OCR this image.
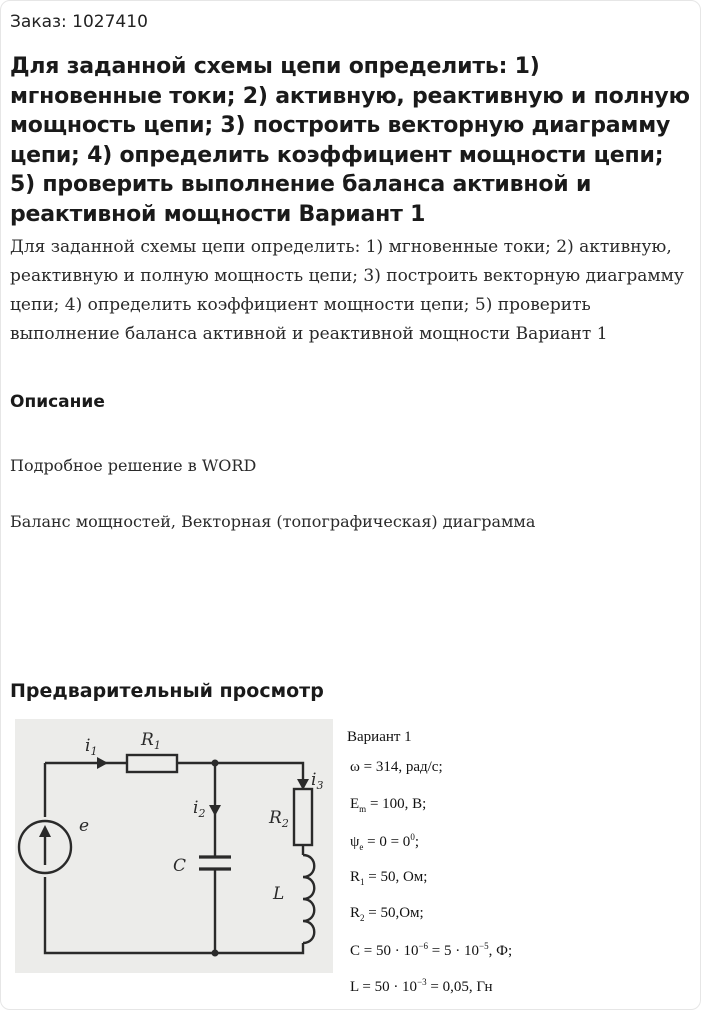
Заказ: 1027410
Для заданной схемы цепи определить: 1) мгновенные токи; 2) активную, реактивную и полную мощность цепи; 3) построить векторную диаграмму цепи; 4) определить коэффициент мощности цепи; 5) проверить выполнение баланса активной и реактивной мощности Вариант 1

Для заданной схемы цепи определить: 1) мгновенные токи; 2) активную, реактивную и полную мощность цепи; 3) построить векторную диаграмму цепи; 4) определить коэффициент мощности цепи; 5) проверить выполнение баланса активной и реактивной мощности Вариант 1

Описание

Подробное решение в WORD

Баланс мощностей, Векторная (топографическая) диаграмма

Предварительный просмотр
$i_1$
$R_1$
$i_2$
$i_3$
$R_2$
e
C
L
Вариант 1
ω = 314, рад/с;
$E_m = 100$, B;
$\psi_e = 0 = 0^0$;
$R_1 = 50$, Ом;
$R_2 = 50,Ом$;
$C = 50 \cdot 10^{-6} = 5 \cdot 10^{-5}$, Ф;
$L = 50 \cdot 10^{-3} = 0,05$, Гн
